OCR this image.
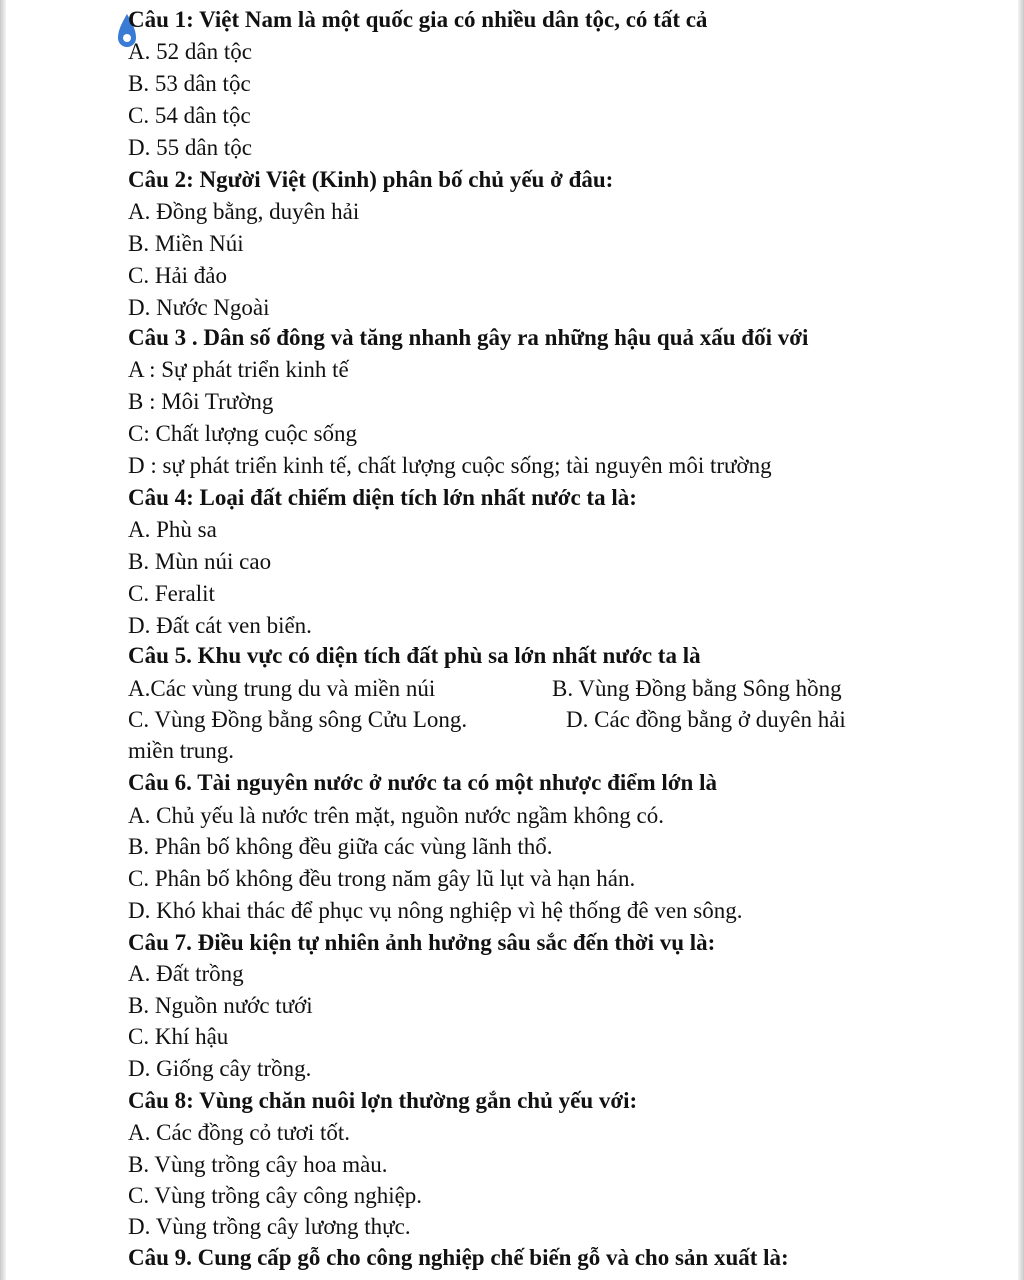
Câu 1: Việt Nam là một quốc gia có nhiều dân tộc, có tất cả
A. 52 dân tộc
B. 53 dân tộc
C. 54 dân tộc
D. 55 dân tộc
Câu 2: Người Việt (Kinh) phân bố chủ yếu ở đâu:
A. Đồng bằng, duyên hải
B. Miền Núi
C. Hải đảo
D. Nước Ngoài
Câu 3 . Dân số đông và tăng nhanh gây ra những hậu quả xấu đối với
A : Sự phát triển kinh tế
B : Môi Trường
C: Chất lượng cuộc sống
D : sự phát triển kinh tế, chất lượng cuộc sống; tài nguyên môi trường
Câu 4: Loại đất chiếm diện tích lớn nhất nước ta là:
A. Phù sa
B. Mùn núi cao
C. Feralit
D. Đất cát ven biển.
Câu 5. Khu vực có diện tích đất phù sa lớn nhất nước ta là
A.Các vùng trung du và miền núi	B. Vùng Đồng bằng Sông hồng
C. Vùng Đồng bằng sông Cửu Long.	D. Các đồng bằng ở duyên hải
miền trung.
Câu 6. Tài nguyên nước ở nước ta có một nhược điểm lớn là
A. Chủ yếu là nước trên mặt, nguồn nước ngầm không có.
B. Phân bố không đều giữa các vùng lãnh thổ.
C. Phân bố không đều trong năm gây lũ lụt và hạn hán.
D. Khó khai thác để phục vụ nông nghiệp vì hệ thống đê ven sông.
Câu 7. Điều kiện tự nhiên ảnh hưởng sâu sắc đến thời vụ là:
A. Đất trồng
B. Nguồn nước tưới
C. Khí hậu
D. Giống cây trồng.
Câu 8: Vùng chăn nuôi lợn thường gắn chủ yếu với:
A. Các đồng cỏ tươi tốt.
B. Vùng trồng cây hoa màu.
C. Vùng trồng cây công nghiệp.
D. Vùng trồng cây lương thực.
Câu 9. Cung cấp gỗ cho công nghiệp chế biến gỗ và cho sản xuất là:
